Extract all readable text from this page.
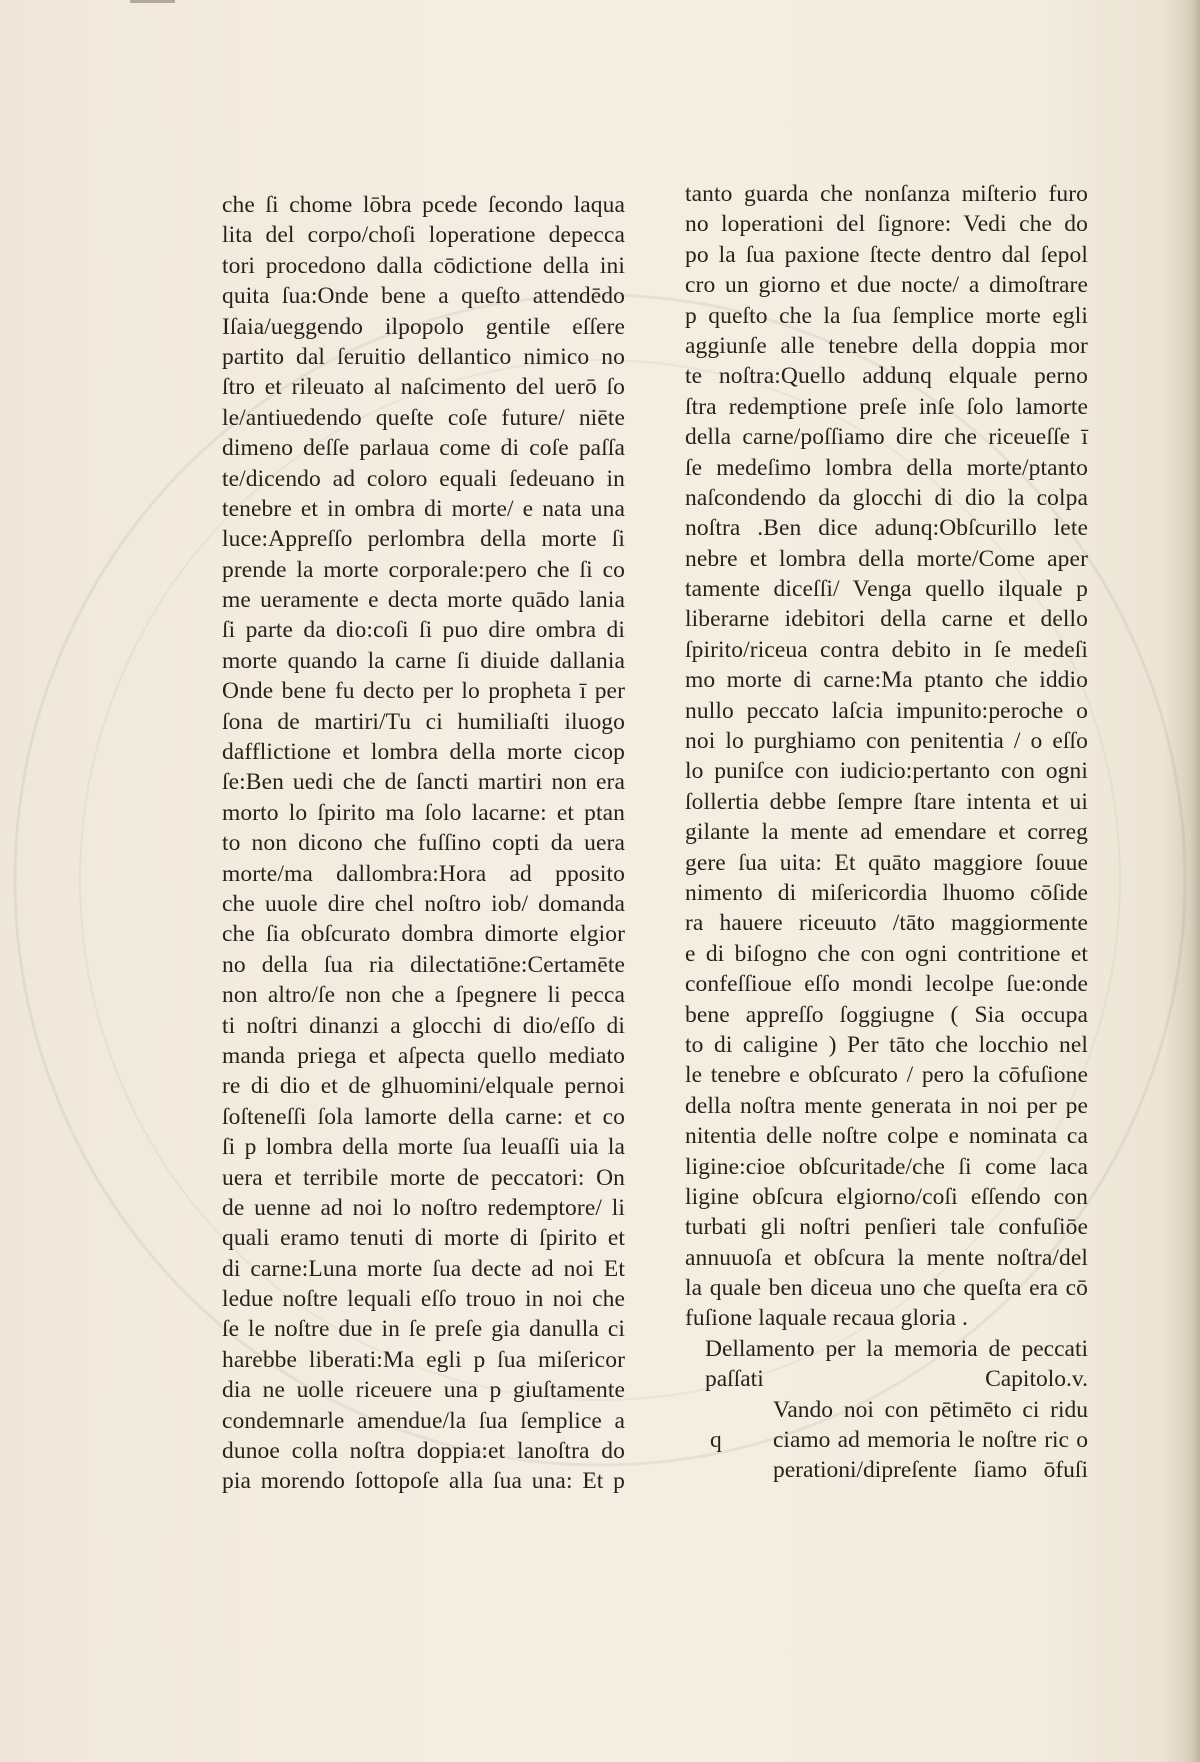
che ſi chome lōbra pcede ſecondo laqua
lita del corpo/choſi loperatione depecca
tori procedono dalla cōdictione della ini
quita ſua:Onde bene a queſto attendēdo
Iſaia/ueggendo ilpopolo gentile eſſere
partito dal ſeruitio dellantico nimico no
ſtro et rileuato al naſcimento del uerō ſo
le/antiuedendo queſte coſe future/ niēte
dimeno deſſe parlaua come di coſe paſſa
te/dicendo ad coloro equali ſedeuano in
tenebre et in ombra di morte/ e nata una
luce:Appreſſo perlombra della morte ſi
prende la morte corporale:pero che ſi co
me ueramente e decta morte quādo lania
ſi parte da dio:coſi ſi puo dire ombra di
morte quando la carne ſi diuide dallania
Onde bene fu decto per lo propheta ī per
ſona de martiri/Tu ci humiliaſti iluogo
dafflictione et lombra della morte cicop
ſe:Ben uedi che de ſancti martiri non era
morto lo ſpirito ma ſolo lacarne: et ptan
to non dicono che fuſſino copti da uera
morte/ma dallombra:Hora ad pposito
che uuole dire chel noſtro iob/ domanda
che ſia obſcurato dombra dimorte elgior
no della ſua ria dilectatiōne:Certamēte
non altro/ſe non che a ſpegnere li pecca
ti noſtri dinanzi a glocchi di dio/eſſo di
manda priega et aſpecta quello mediato
re di dio et de glhuomini/elquale pernoi
ſoſteneſſi ſola lamorte della carne: et co
ſi p lombra della morte ſua leuaſſi uia la
uera et terribile morte de peccatori: On
de uenne ad noi lo noſtro redemptore/ li
quali eramo tenuti di morte di ſpirito et
di carne:Luna morte ſua decte ad noi Et
ledue noſtre lequali eſſo trouo in noi che
ſe le noſtre due in ſe preſe gia danulla ci
harebbe liberati:Ma egli p ſua miſericor
dia ne uolle riceuere una p giuſtamente
condemnarle amendue/la ſua ſemplice a
dunoe colla noſtra doppia:et lanoſtra do
pia morendo ſottopoſe alla ſua una: Et p
tanto guarda che nonſanza miſterio furo
no loperationi del ſignore: Vedi che do
po la ſua paxione ſtecte dentro dal ſepol
cro un giorno et due nocte/ a dimoſtrare
p queſto che la ſua ſemplice morte egli
aggiunſe alle tenebre della doppia mor
te noſtra:Quello addunq elquale perno
ſtra redemptione preſe inſe ſolo lamorte
della carne/poſſiamo dire che riceueſſe ī
ſe medeſimo lombra della morte/ptanto
naſcondendo da glocchi di dio la colpa
noſtra .Ben dice adunq:Obſcurillo lete
nebre et lombra della morte/Come aper
tamente diceſſi/ Venga quello ilquale p
liberarne idebitori della carne et dello
ſpirito/riceua contra debito in ſe medeſi
mo morte di carne:Ma ptanto che iddio
nullo peccato laſcia impunito:peroche o
noi lo purghiamo con penitentia / o eſſo
lo puniſce con iudicio:pertanto con ogni
ſollertia debbe ſempre ſtare intenta et ui
gilante la mente ad emendare et correg
gere ſua uita: Et quāto maggiore ſouue
nimento di miſericordia lhuomo cōſide
ra hauere riceuuto /tāto maggiormente
e di biſogno che con ogni contritione et
confeſſioue eſſo mondi lecolpe ſue:onde
bene appreſſo ſoggiugne ( Sia occupa
to di caligine ) Per tāto che locchio nel
le tenebre e obſcurato / pero la cōfuſione
della noſtra mente generata in noi per pe
nitentia delle noſtre colpe e nominata ca
ligine:cioe obſcuritade/che ſi come laca
ligine obſcura elgiorno/coſi eſſendo con
turbati gli noſtri penſieri tale confuſiōe
annuuoſa et obſcura la mente noſtra/del
la quale ben diceua uno che queſta era cō
fuſione laquale recaua gloria .
Dellamento per la memoria de peccati
paſſati	Capitolo.v.
Vando noi con pētimēto ci ridu
q ciamo ad memoria le noſtre ric o
perationi/dipreſente ſiamo ōfuſi
